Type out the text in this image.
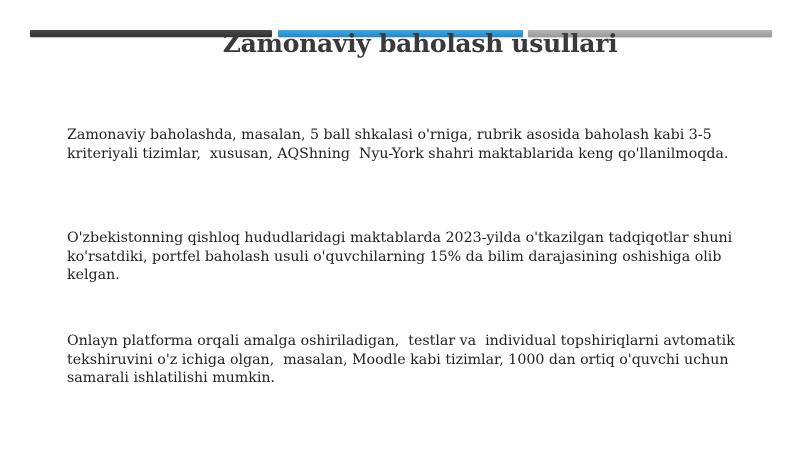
Zamonaviy baholash usullari

Zamonaviy baholashda, masalan, 5 ball shkalasi o'rniga, rubrik asosida baholash kabi 3-5 kriteriyali tizimlar,  xususan, AQShning  Nyu-York shahri maktablarida keng qo'llanilmoqda.

O'zbekistonning qishloq hududlaridagi maktablarda 2023-yilda o'tkazilgan tadqiqotlar shuni ko'rsatdiki, portfel baholash usuli o'quvchilarning 15% da bilim darajasining oshishiga olib kelgan.

Onlayn platforma orqali amalga oshiriladigan,  testlar va  individual topshiriqlarni avtomatik tekshiruvini o'z ichiga olgan,  masalan, Moodle kabi tizimlar, 1000 dan ortiq o'quvchi uchun samarali ishlatilishi mumkin.
